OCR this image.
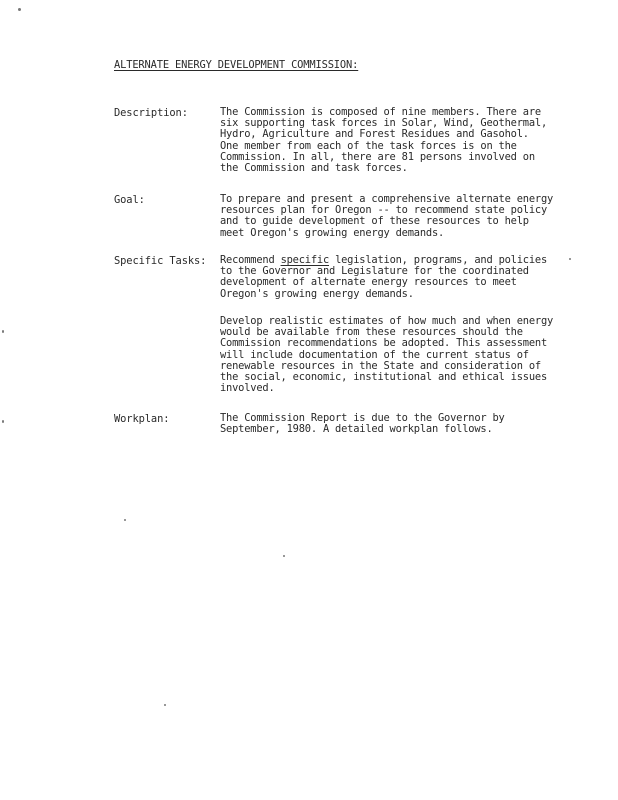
ALTERNATE ENERGY DEVELOPMENT COMMISSION:
Description:	The Commission is composed of nine members. There are
six supporting task forces in Solar, Wind, Geothermal,
Hydro, Agriculture and Forest Residues and Gasohol.
One member from each of the task forces is on the
Commission. In all, there are 81 persons involved on
the Commission and task forces.
Goal:	To prepare and present a comprehensive alternate energy
resources plan for Oregon -- to recommend state policy
and to guide development of these resources to help
meet Oregon's growing energy demands.
Specific Tasks: Recommend specific legislation, programs, and policies
to the Governor and Legislature for the coordinated
development of alternate energy resources to meet
Oregon's growing energy demands.
Develop realistic estimates of how much and when energy
would be available from these resources should the
Commission recommendations be adopted. This assessment
will include documentation of the current status of
renewable resources in the State and consideration of
the social, economic, institutional and ethical issues
involved.
Workplan:	The Commission Report is due to the Governor by
September, 1980. A detailed workplan follows.
